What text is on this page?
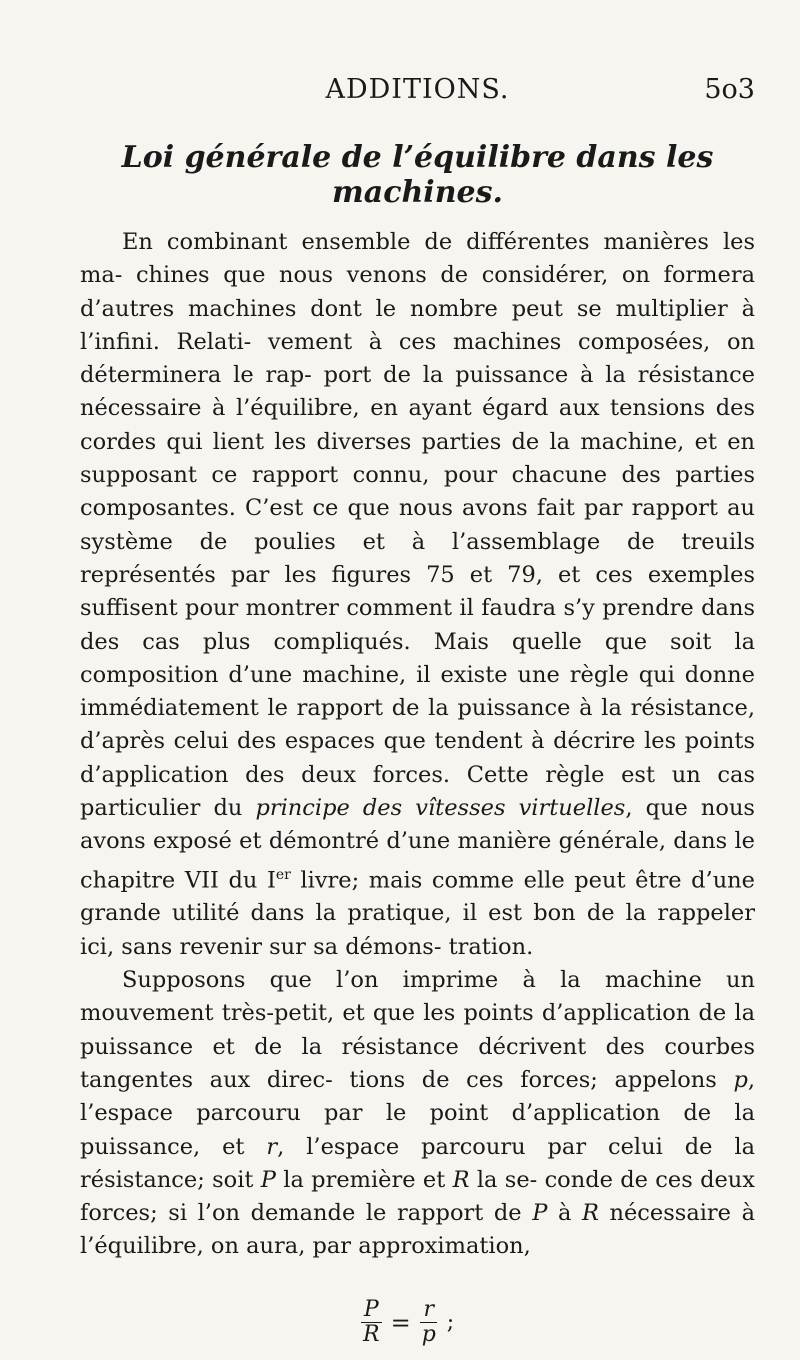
ADDITIONS.	5o3
Loi générale de l’équilibre dans les machines.

En combinant ensemble de différentes manières les ma- chines que nous venons de considérer, on formera d’autres machines dont le nombre peut se multiplier à l’infini. Relati- vement à ces machines composées, on déterminera le rap- port de la puissance à la résistance nécessaire à l’équilibre, en ayant égard aux tensions des cordes qui lient les diverses parties de la machine, et en supposant ce rapport connu, pour chacune des parties composantes. C’est ce que nous avons fait par rapport au système de poulies et à l’assemblage de treuils représentés par les figures 75 et 79, et ces exemples suffisent pour montrer comment il faudra s’y prendre dans des cas plus compliqués. Mais quelle que soit la composition d’une machine, il existe une règle qui donne immédiatement le rapport de la puissance à la résistance, d’après celui des espaces que tendent à décrire les points d’application des deux forces. Cette règle est un cas particulier du principe des vîtesses virtuelles, que nous avons exposé et démontré d’une manière générale, dans le chapitre VII du Ier livre; mais comme elle peut être d’une grande utilité dans la pratique, il est bon de la rappeler ici, sans revenir sur sa démons- tration.

Supposons que l’on imprime à la machine un mouvement très-petit, et que les points d’application de la puissance et de la résistance décrivent des courbes tangentes aux direc- tions de ces forces; appelons p, l’espace parcouru par le point d’application de la puissance, et r, l’espace parcouru par celui de la résistance; soit P la première et R la se- conde de ces deux forces; si l’on demande le rapport de P à R nécessaire à l’équilibre, on aura, par approximation,

$\frac{P}{R} = \frac{r}{p}$ ;
